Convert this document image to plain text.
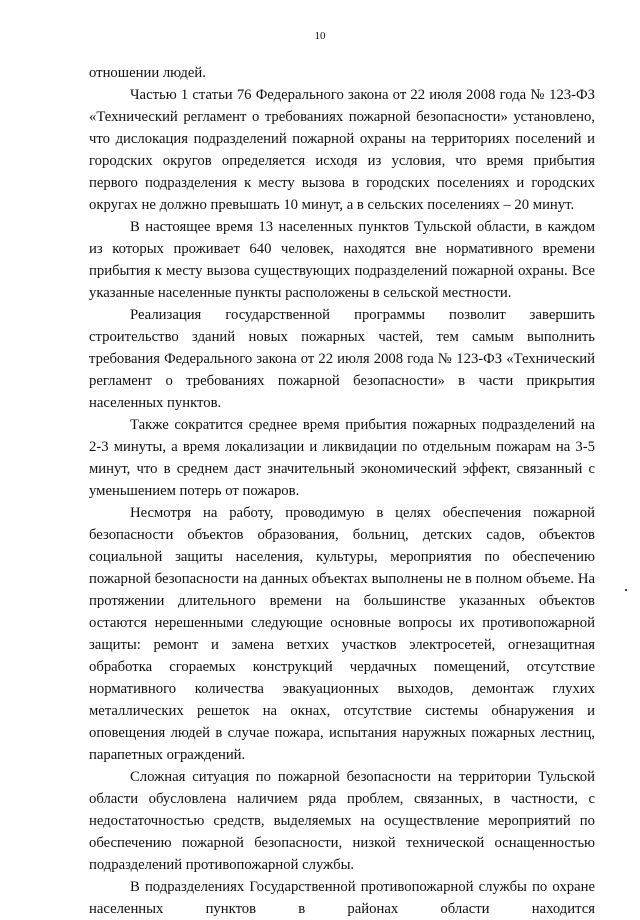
10

отношении людей.

Частью 1 статьи 76 Федерального закона от 22 июля 2008 года № 123-ФЗ «Технический регламент о требованиях пожарной безопасности» установлено, что дислокация подразделений пожарной охраны на территориях поселений и городских округов определяется исходя из условия, что время прибытия первого подразделения к месту вызова в городских поселениях и городских округах не должно превышать 10 минут, а в сельских поселениях – 20 минут.

В настоящее время 13 населенных пунктов Тульской области, в каждом из которых проживает 640 человек, находятся вне нормативного времени прибытия к месту вызова существующих подразделений пожарной охраны. Все указанные населенные пункты расположены в сельской местности.

Реализация государственной программы позволит завершить строительство зданий новых пожарных частей, тем самым выполнить требования Федерального закона от 22 июля 2008 года № 123-ФЗ «Технический регламент о требованиях пожарной безопасности» в части прикрытия населенных пунктов.

Также сократится среднее время прибытия пожарных подразделений на 2-3 минуты, а время локализации и ликвидации по отдельным пожарам на 3-5 минут, что в среднем даст значительный экономический эффект, связанный с уменьшением потерь от пожаров.

Несмотря на работу, проводимую в целях обеспечения пожарной безопасности объектов образования, больниц, детских садов, объектов социальной защиты населения, культуры, мероприятия по обеспечению пожарной безопасности на данных объектах выполнены не в полном объеме. На протяжении длительного времени на большинстве указанных объектов остаются нерешенными следующие основные вопросы их противопожарной защиты: ремонт и замена ветхих участков электросетей, огнезащитная обработка сгораемых конструкций чердачных помещений, отсутствие нормативного количества эвакуационных выходов, демонтаж глухих металлических решеток на окнах, отсутствие системы обнаружения и оповещения людей в случае пожара, испытания наружных пожарных лестниц, парапетных ограждений.

Сложная ситуация по пожарной безопасности на территории Тульской области обусловлена наличием ряда проблем, связанных, в частности, с недостаточностью средств, выделяемых на осуществление мероприятий по обеспечению пожарной безопасности, низкой технической оснащенностью подразделений противопожарной службы.

В подразделениях Государственной противопожарной службы по охране населенных пунктов в районах области находится
